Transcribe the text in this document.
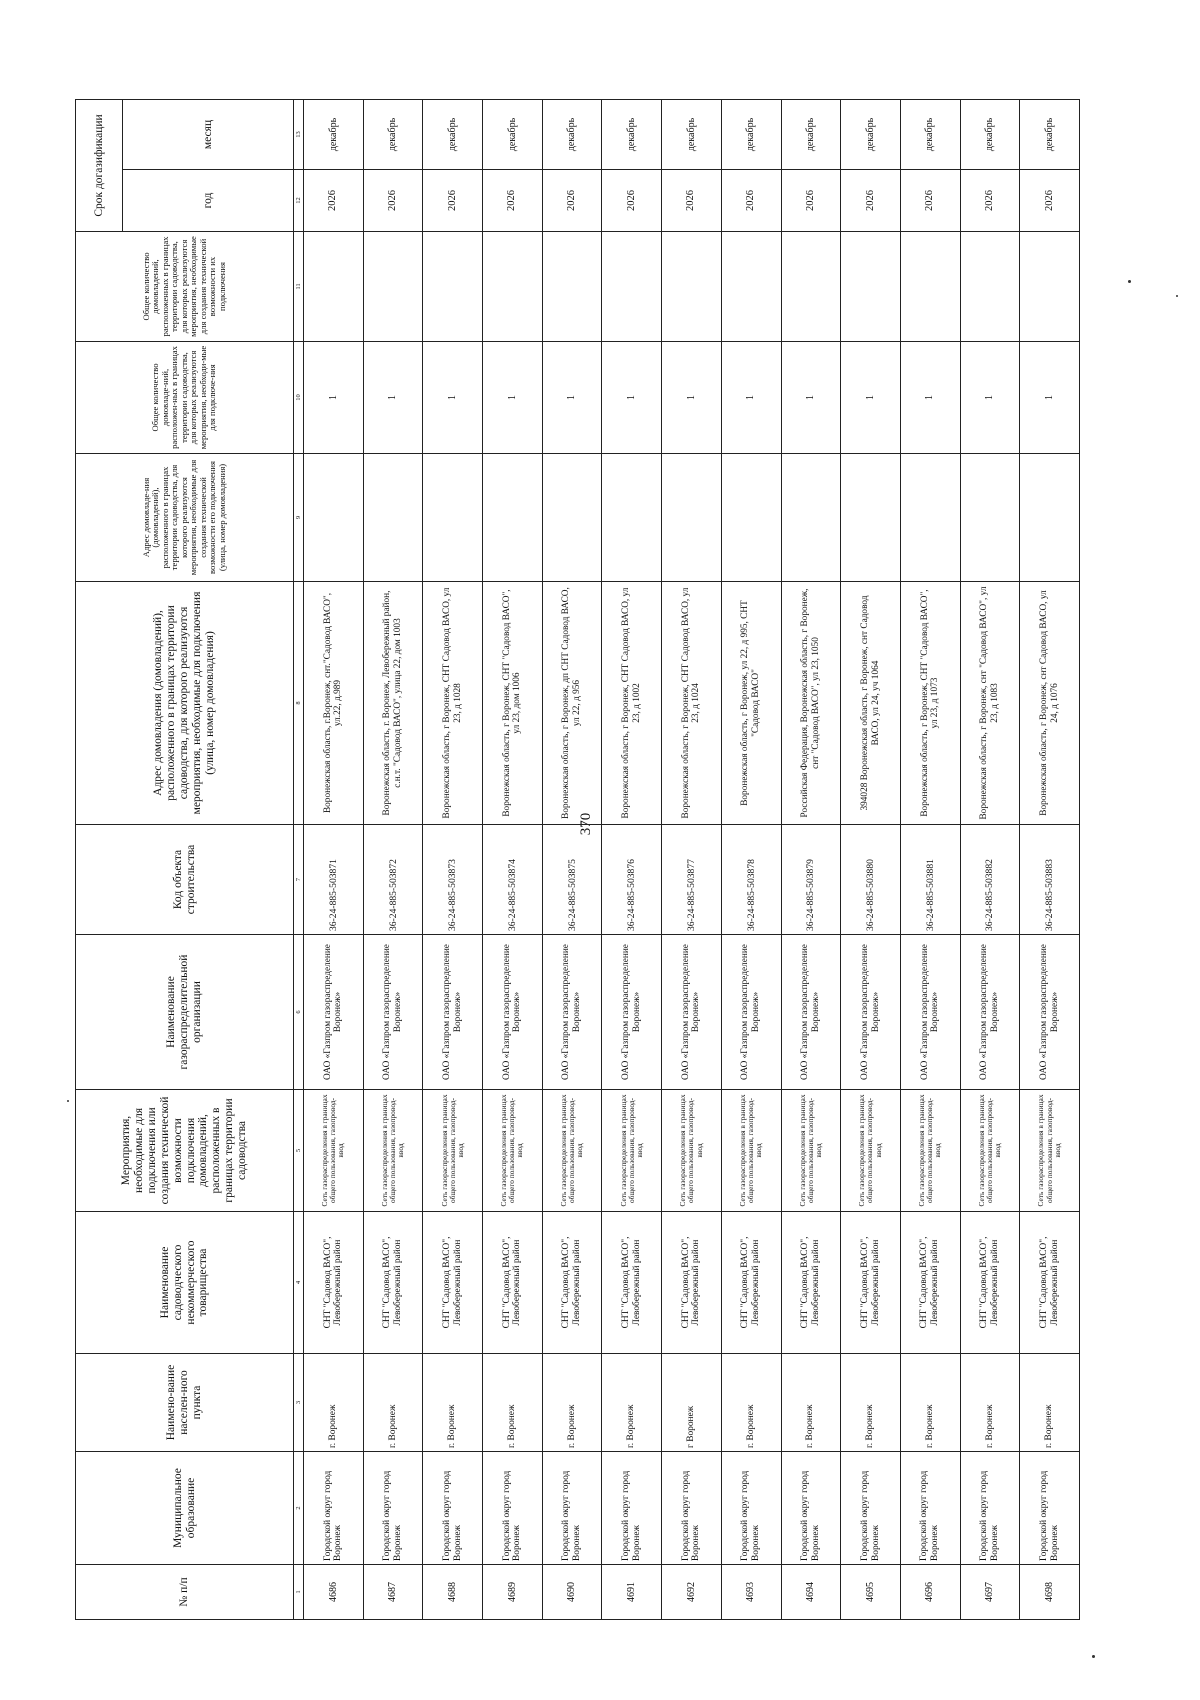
370
№ п/п	Муниципальное образование	Наимено-вание населен-ного пункта	Наименование садоводческого некоммерческого товарищества	Мероприятия, необходимые для подключения или создания технической возможности подключения домовладений, расположенных в границах территории садоводства	Наименование газораспределительной организации	Код объекта строительства	Адрес домовладения (домовладений), расположенного в границах территории садоводства, для которого реализуются мероприятия, необходимые для подключения (улица, номер домовладения)	Адрес домовладе-ния (домовладений), расположенного в границах территории садоводства, для которого реализуются мероприятия, необходимые для создания технической возможности его подключения (улица, номер домовладения)	Общее количество домовладе-ний, расположен-ных в границах территории садоводства, для которых реализуются мероприятия, необходи-мые для подключе-ния	Общее количество домовладений, расположенных в границах территории садоводства, для которых реализуются мероприятия, необходимые для создания технической возможности их подключения	Срок догазификации	
											год	месяц
1	2	3	4	5	6	7	8	9	10	11	12	13
4686	Городской округ город Воронеж	г. Воронеж	СНТ "Садовод ВАСО", Левобережный район	Сеть газораспределения в границах общего пользования, газопровод-ввод	ОАО «Газпром газораспределение Воронеж»	36-24-885-503871	Воронежская область, г.Воронеж, снт."Садовод ВАСО", ул.22, д.989		1		2026	декабрь
4687	Городской округ город Воронеж	г. Воронеж	СНТ "Садовод ВАСО", Левобережный район	Сеть газораспределения в границах общего пользования, газопровод-ввод	ОАО «Газпром газораспределение Воронеж»	36-24-885-503872	Воронежская область, г. Воронеж, Левобережный район, с.н.т. "Садовод ВАСО", улица 22, дом 1003		1		2026	декабрь
4688	Городской округ город Воронеж	г. Воронеж	СНТ "Садовод ВАСО", Левобережный район	Сеть газораспределения в границах общего пользования, газопровод-ввод	ОАО «Газпром газораспределение Воронеж»	36-24-885-503873	Воронежская область, г Воронеж, СНТ Садовод ВАСО, ул 23, д 1028		1		2026	декабрь
4689	Городской округ город Воронеж	г. Воронеж	СНТ "Садовод ВАСО", Левобережный район	Сеть газораспределения в границах общего пользования, газопровод-ввод	ОАО «Газпром газораспределение Воронеж»	36-24-885-503874	Воронежская область, г Воронеж, СНТ "Садовод ВАСО", ул 23, дом 1006		1		2026	декабрь
4690	Городской округ город Воронеж	г. Воронеж	СНТ "Садовод ВАСО", Левобережный район	Сеть газораспределения в границах общего пользования, газопровод-ввод	ОАО «Газпром газораспределение Воронеж»	36-24-885-503875	Воронежская область, г Воронеж, дп СНТ Садовод ВАСО, ул 22, д 956		1		2026	декабрь
4691	Городской округ город Воронеж	г. Воронеж	СНТ "Садовод ВАСО", Левобережный район	Сеть газораспределения в границах общего пользования, газопровод-ввод	ОАО «Газпром газораспределение Воронеж»	36-24-885-503876	Воронежская область, г Воронеж, СНТ Садовод ВАСО, ул 23, д 1002		1		2026	декабрь
4692	Городской округ город Воронеж	г Воронеж	СНТ "Садовод ВАСО", Левобережный район	Сеть газораспределения в границах общего пользования, газопровод-ввод	ОАО «Газпром газораспределение Воронеж»	36-24-885-503877	Воронежская область, г Воронеж, СНТ Садовод ВАСО, ул 23, д 1024		1		2026	декабрь
4693	Городской округ город Воронеж	г. Воронеж	СНТ "Садовод ВАСО", Левобережный район	Сеть газораспределения в границах общего пользования, газопровод-ввод	ОАО «Газпром газораспределение Воронеж»	36-24-885-503878	Воронежская область, г Воронеж, ул 22, д 995, СНТ "Садовод ВАСО"		1		2026	декабрь
4694	Городской округ город Воронеж	г. Воронеж	СНТ "Садовод ВАСО", Левобережный район	Сеть газораспределения в границах общего пользования, газопровод-ввод	ОАО «Газпром газораспределение Воронеж»	36-24-885-503879	Российская Федерация, Воронежская область, г Воронеж, снт "Садовод ВАСО", ул 23, 1050		1		2026	декабрь
4695	Городской округ город Воронеж	г. Воронеж	СНТ "Садовод ВАСО", Левобережный район	Сеть газораспределения в границах общего пользования, газопровод-ввод	ОАО «Газпром газораспределение Воронеж»	36-24-885-503880	394028 Воронежская область, г Воронеж, снт Садовод ВАСО, ул 24, уч 1064		1		2026	декабрь
4696	Городской округ город Воронеж	г. Воронеж	СНТ "Садовод ВАСО", Левобережный район	Сеть газораспределения в границах общего пользования, газопровод-ввод	ОАО «Газпром газораспределение Воронеж»	36-24-885-503881	Воронежская область, г Воронеж, СНТ "Садовод ВАСО", ул 23, д 1073		1		2026	декабрь
4697	Городской округ город Воронеж	г. Воронеж	СНТ "Садовод ВАСО", Левобережный район	Сеть газораспределения в границах общего пользования, газопровод-ввод	ОАО «Газпром газораспределение Воронеж»	36-24-885-503882	Воронежская область, г Воронеж, снт "Садовод ВАСО", ул 23, д 1083		1		2026	декабрь
4698	Городской округ город Воронеж	г. Воронеж	СНТ "Садовод ВАСО", Левобережный район	Сеть газораспределения в границах общего пользования, газопровод-ввод	ОАО «Газпром газораспределение Воронеж»	36-24-885-503883	Воронежская область, г Воронеж, снт Садовод ВАСО, ул 24, д 1076		1		2026	декабрь
